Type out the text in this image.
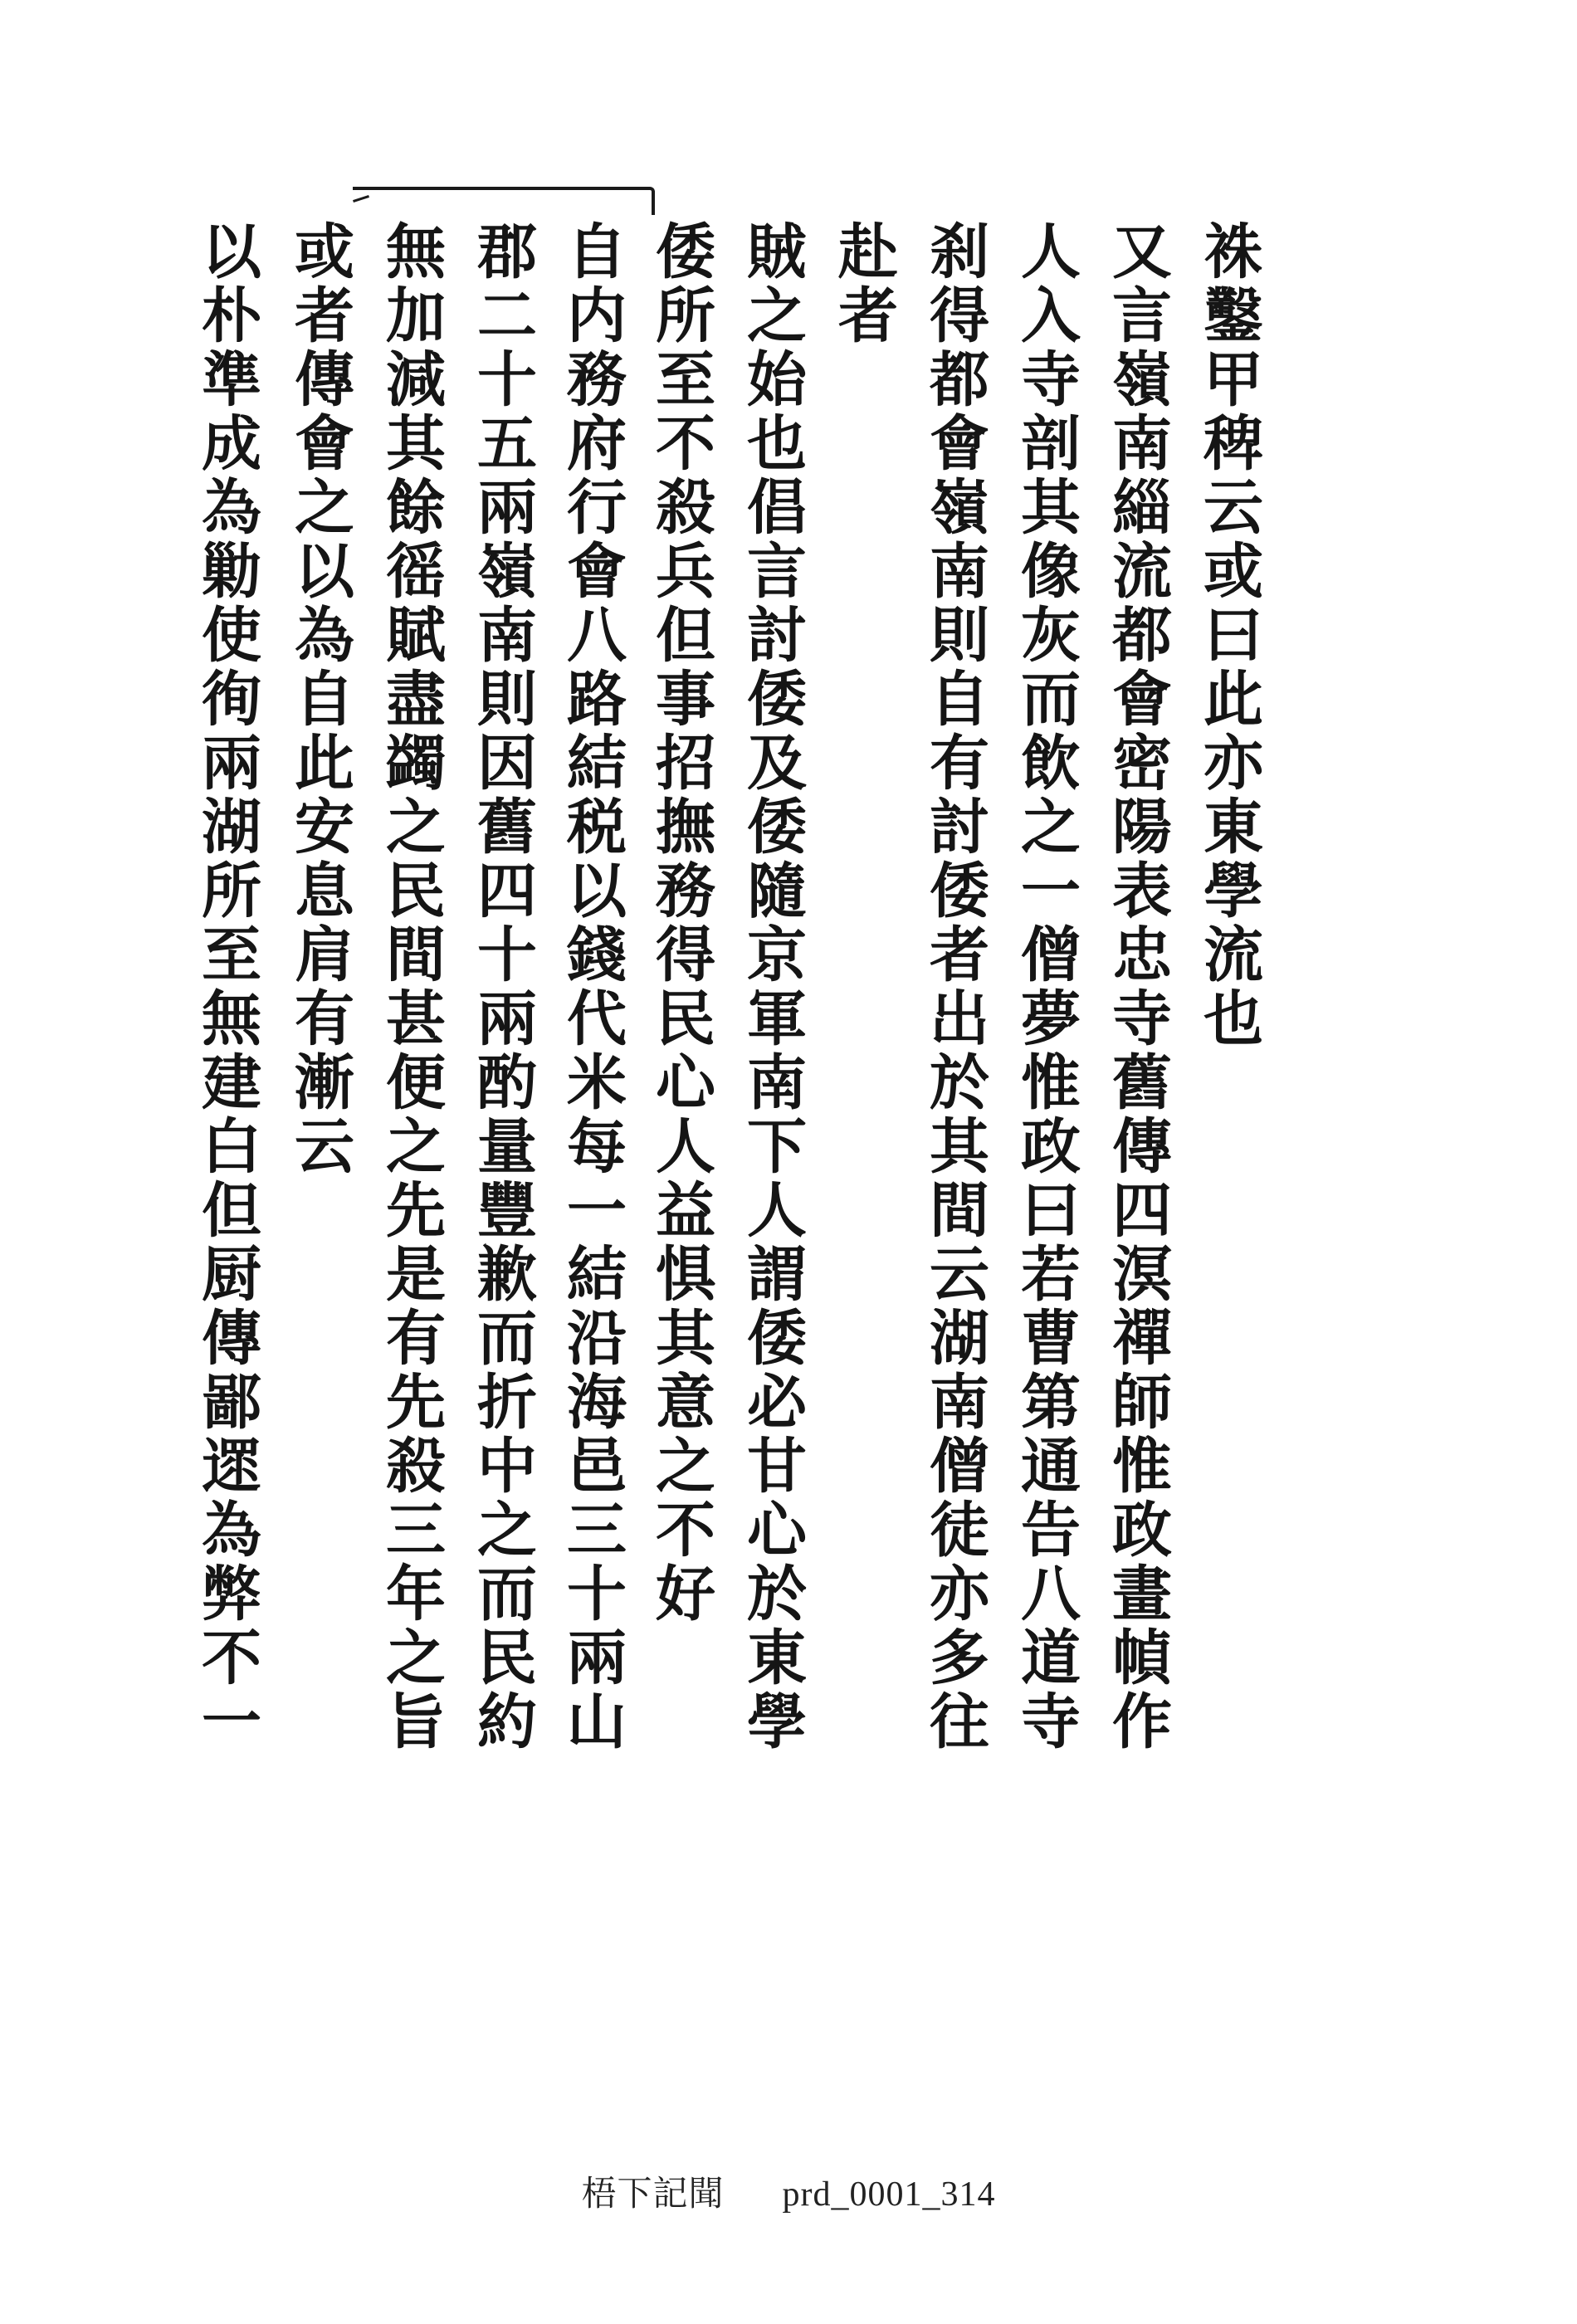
袾鑿甲稗云或曰此亦東學流也
又言嶺南緇流都會密陽表忠寺舊傳四溟禪師惟政畫幀作
人入寺剖其像灰而飲之一僧夢惟政曰若曹第通告八道寺
刹得都會嶺南則自有討倭者出於其間云湖南僧徒亦多往
赴者
賊之始也倡言討倭及倭隨京軍南下人謂倭必甘心於東學
倭所至不殺兵但事招撫務得民心人益惧其意之不好
自内務府行會八路結税以錢代米每一結沿海邑三十兩山
郡二十五兩嶺南則因舊四十兩酌量豐歉而折中之而民約
無加減其餘徭賦盡蠲之民間甚便之先是有先殺三年之旨
或者傳會之以為自此安息肩有漸云
以朴準成為勦使徇兩湖所至無建白但厨傳鄙遝為弊不一
梧下記聞 prd_0001_314
